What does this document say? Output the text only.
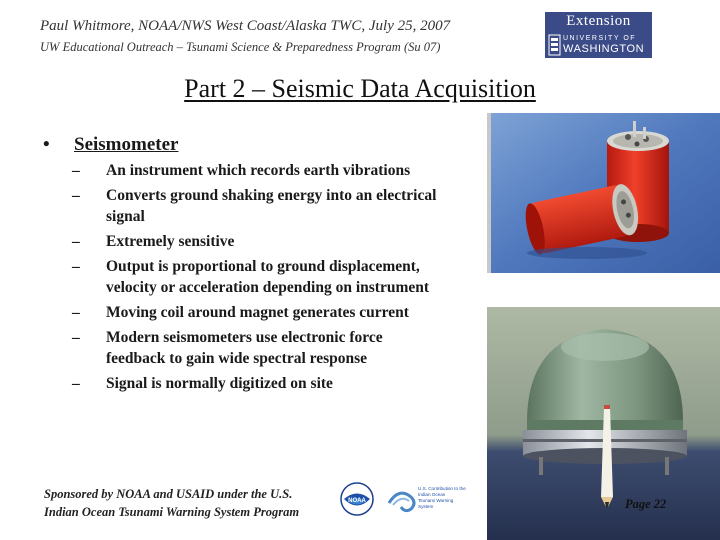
Paul Whitmore, NOAA/NWS West Coast/Alaska TWC, July 25, 2007
UW Educational Outreach – Tsunami Science & Preparedness Program (Su 07)
Extension
UNIVERSITY OF
WASHINGTON
Part 2 – Seismic Data Acquisition
• Seismometer
– An instrument which records earth vibrations
– Converts ground shaking energy into an electrical signal
– Extremely sensitive
– Output is proportional to ground displacement, velocity or acceleration depending on instrument
– Moving coil around magnet generates current
– Modern seismometers use electronic force feedback to gain wide spectral response
– Signal is normally digitized on site
Sponsored by NOAA and USAID under the U.S.
Indian Ocean Tsunami Warning System Program
NOAA
U.S. Contribution to the Indian Ocean Tsunami Warning System	Page 22
